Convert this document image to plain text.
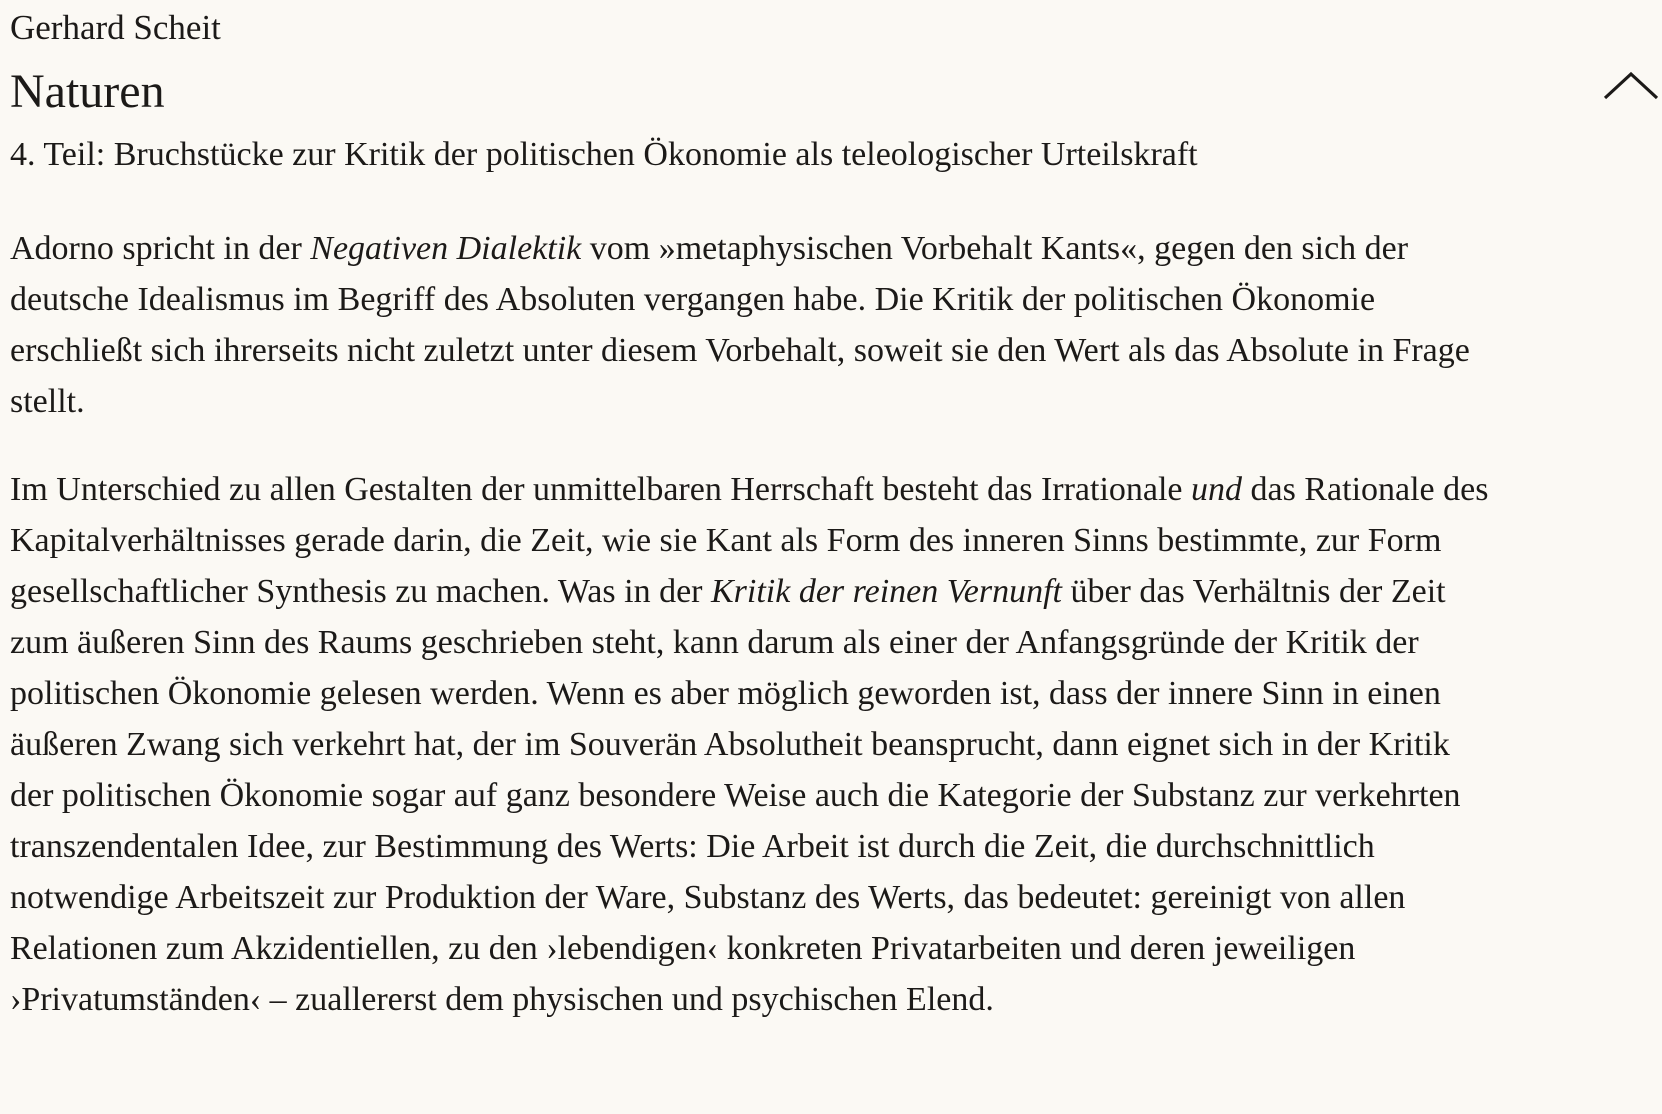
Gerhard Scheit
Naturen
4. Teil: Bruchstücke zur Kritik der politischen Ökonomie als teleologischer Urteilskraft

Adorno spricht in der Negativen Dialektik vom »metaphysischen Vorbehalt Kants«, gegen den sich der deutsche Idealismus im Begriff des Absoluten vergangen habe. Die Kritik der politischen Ökonomie erschließt sich ihrerseits nicht zuletzt unter diesem Vorbehalt, soweit sie den Wert als das Absolute in Frage stellt.

Im Unterschied zu allen Gestalten der unmittelbaren Herrschaft besteht das Irrationale und das Rationale des Kapitalverhältnisses gerade darin, die Zeit, wie sie Kant als Form des inneren Sinns bestimmte, zur Form gesellschaftlicher Synthesis zu machen. Was in der Kritik der reinen Vernunft über das Verhältnis der Zeit zum äußeren Sinn des Raums geschrieben steht, kann darum als einer der Anfangsgründe der Kritik der politischen Ökonomie gelesen werden. Wenn es aber möglich geworden ist, dass der innere Sinn in einen äußeren Zwang sich verkehrt hat, der im Souverän Absolutheit beansprucht, dann eignet sich in der Kritik der politischen Ökonomie sogar auf ganz besondere Weise auch die Kategorie der Substanz zur verkehrten transzendentalen Idee, zur Bestimmung des Werts: Die Arbeit ist durch die Zeit, die durchschnittlich notwendige Arbeitszeit zur Produktion der Ware, Substanz des Werts, das bedeutet: gereinigt von allen Relationen zum Akzidentiellen, zu den ›lebendigen‹ konkreten Privatarbeiten und deren jeweiligen ›Privatumständen‹ – zuallererst dem physischen und psychischen Elend.
